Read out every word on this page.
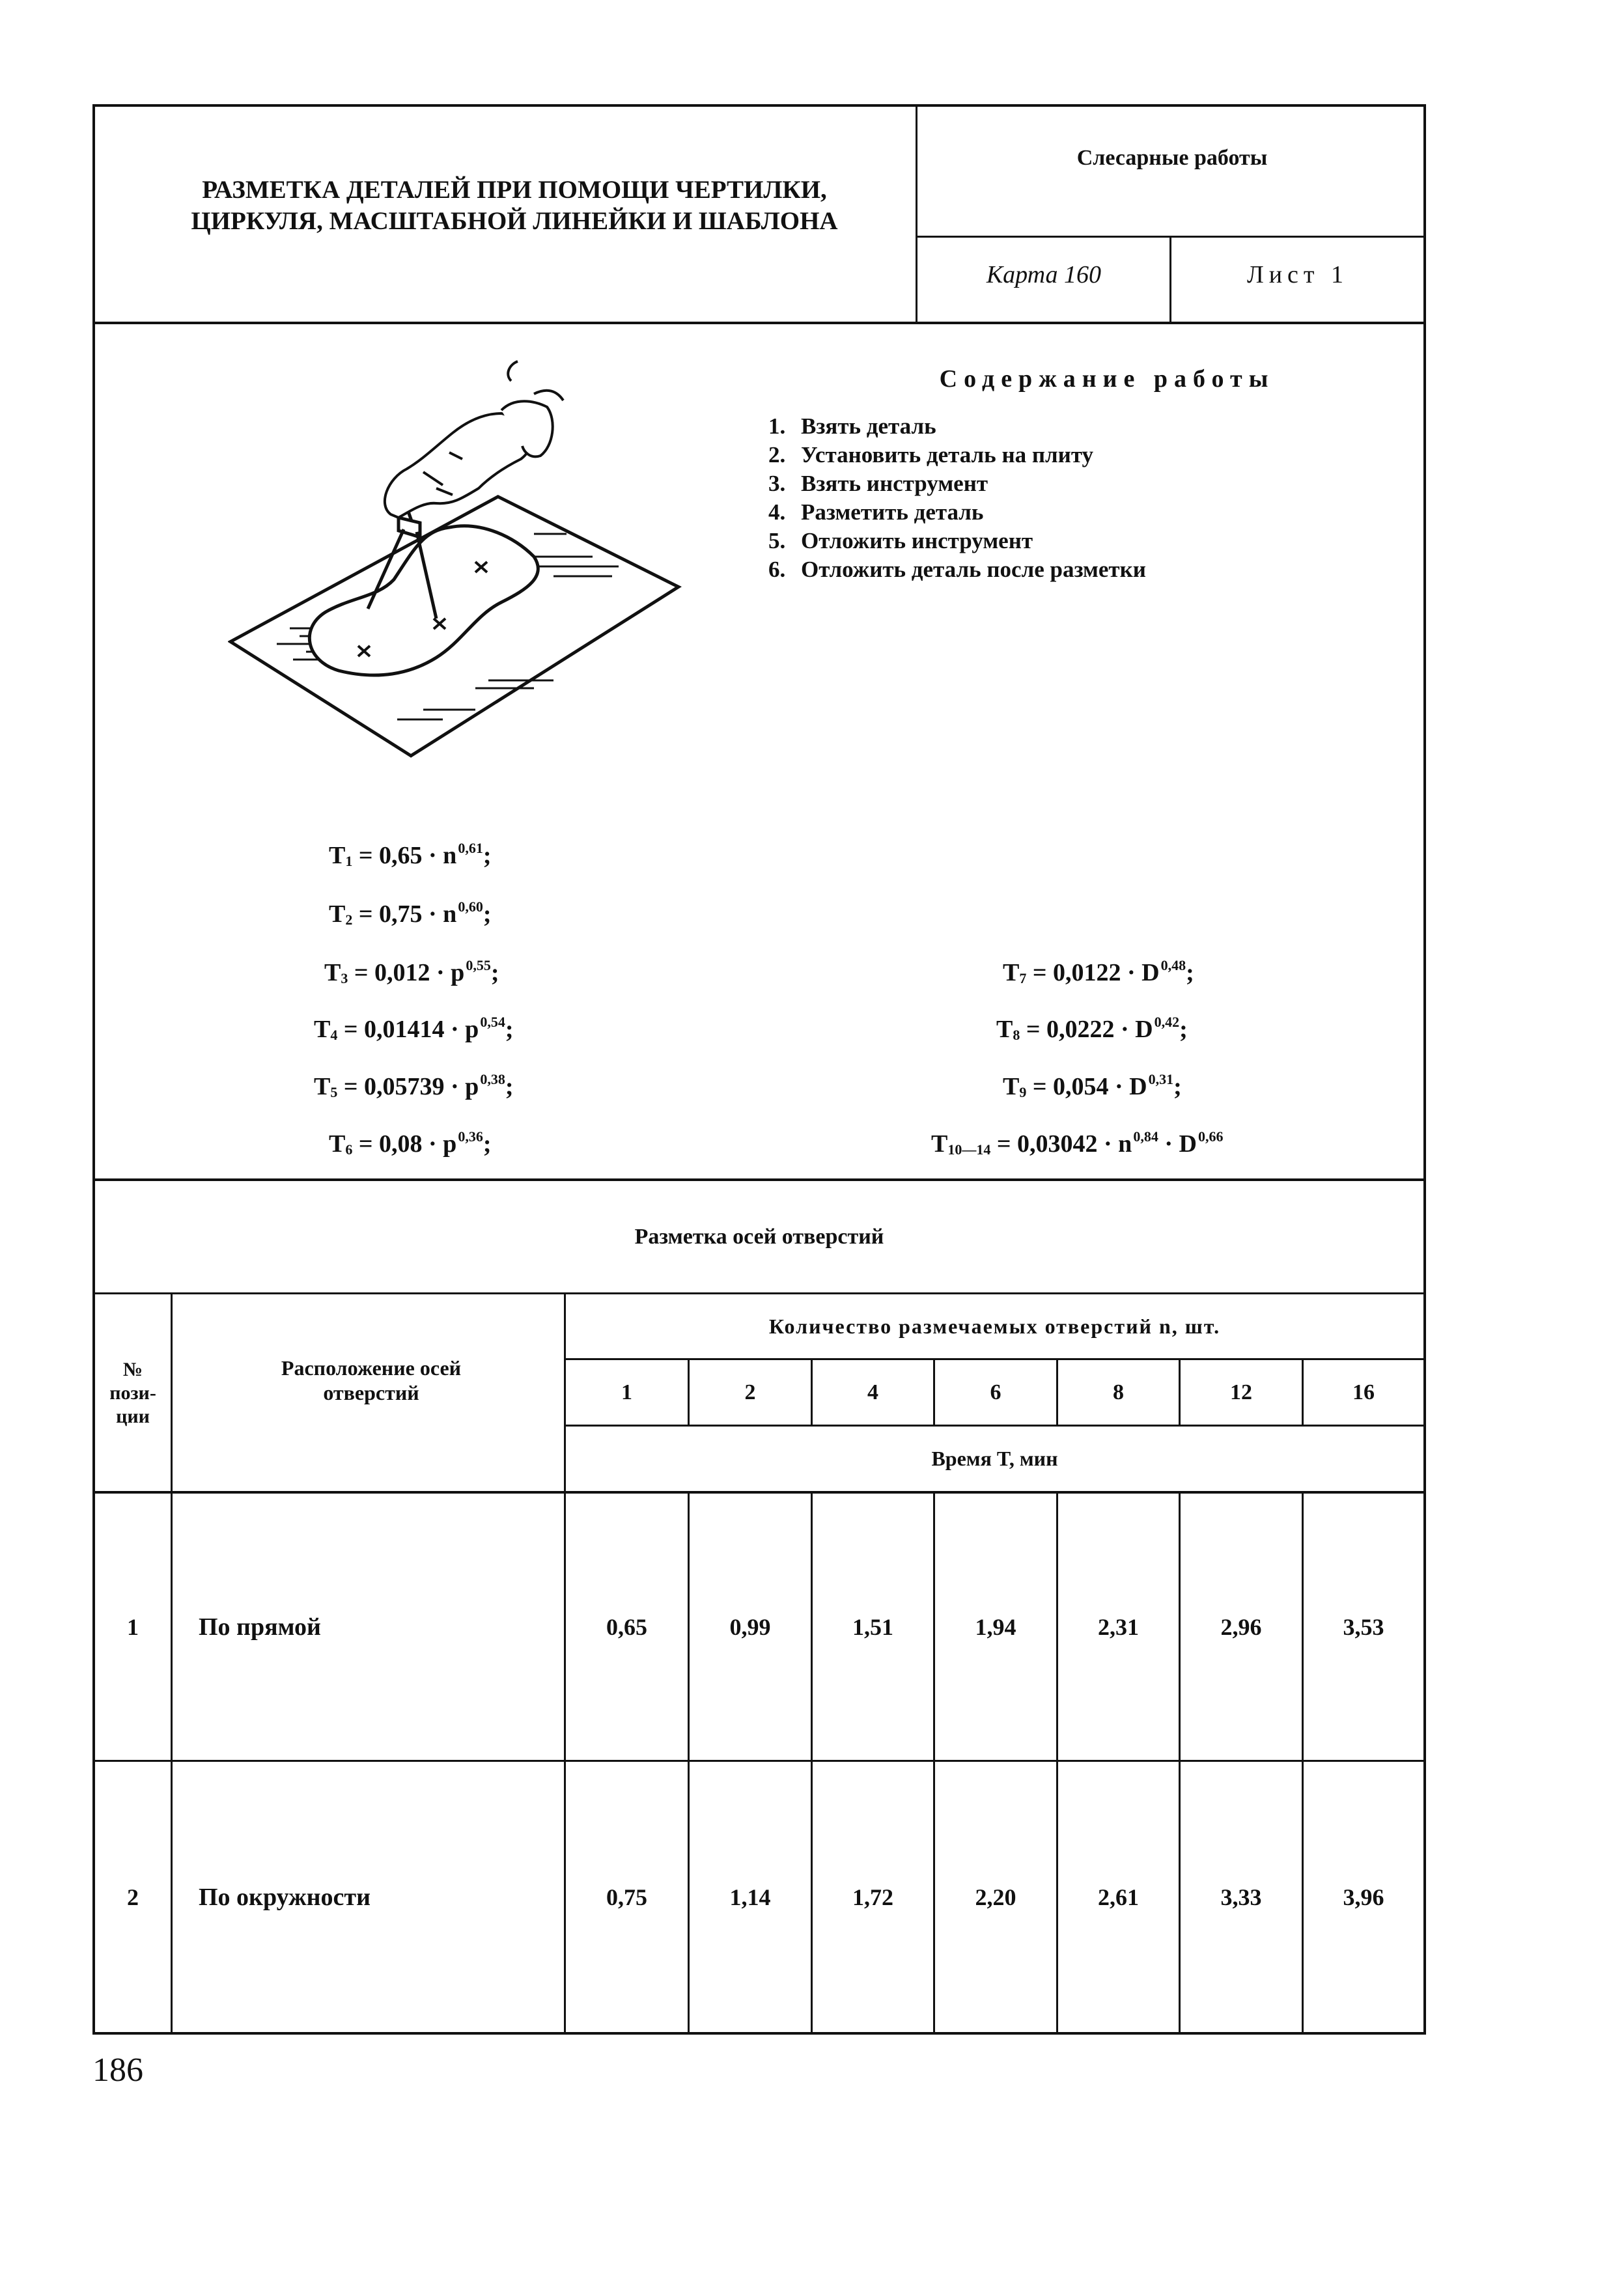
РАЗМЕТКА ДЕТАЛЕЙ ПРИ ПОМОЩИ ЧЕРТИЛКИ,
ЦИРКУЛЯ, МАСШТАБНОЙ ЛИНЕЙКИ И ШАБЛОНА
Слесарные работы
Карта 160	Лист 1
Содержание работы
1. Взять деталь
2. Установить деталь на плиту
3. Взять инструмент
4. Разметить деталь
5. Отложить инструмент
6. Отложить деталь после разметки
$T_1 = 0,65 \cdot n^{0,61}$;
$T_2 = 0,75 \cdot n^{0,60}$;
$T_3 = 0,012 \cdot p^{0,55}$;
$T_4 = 0,01414 \cdot p^{0,54}$;
$T_5 = 0,05739 \cdot p^{0,38}$;
$T_6 = 0,08 \cdot p^{0,36}$;
$T_7 = 0,0122 \cdot D^{0,48}$;
$T_8 = 0,0222 \cdot D^{0,42}$;
$T_9 = 0,054 \cdot D^{0,31}$;
$T_{10—14} = 0,03042 \cdot n^{0,84} \cdot D^{0,66}$
Разметка осей отверстий
№ пози- ции
Расположение осей отверстий
Количество размечаемых отверстий n, шт.
1	2	4	6	8	12	16
Время T, мин
1	По прямой	0,65	0,99	1,51	1,94	2,31	2,96	3,53
2	По окружности	0,75	1,14	1,72	2,20	2,61	3,33	3,96
186
